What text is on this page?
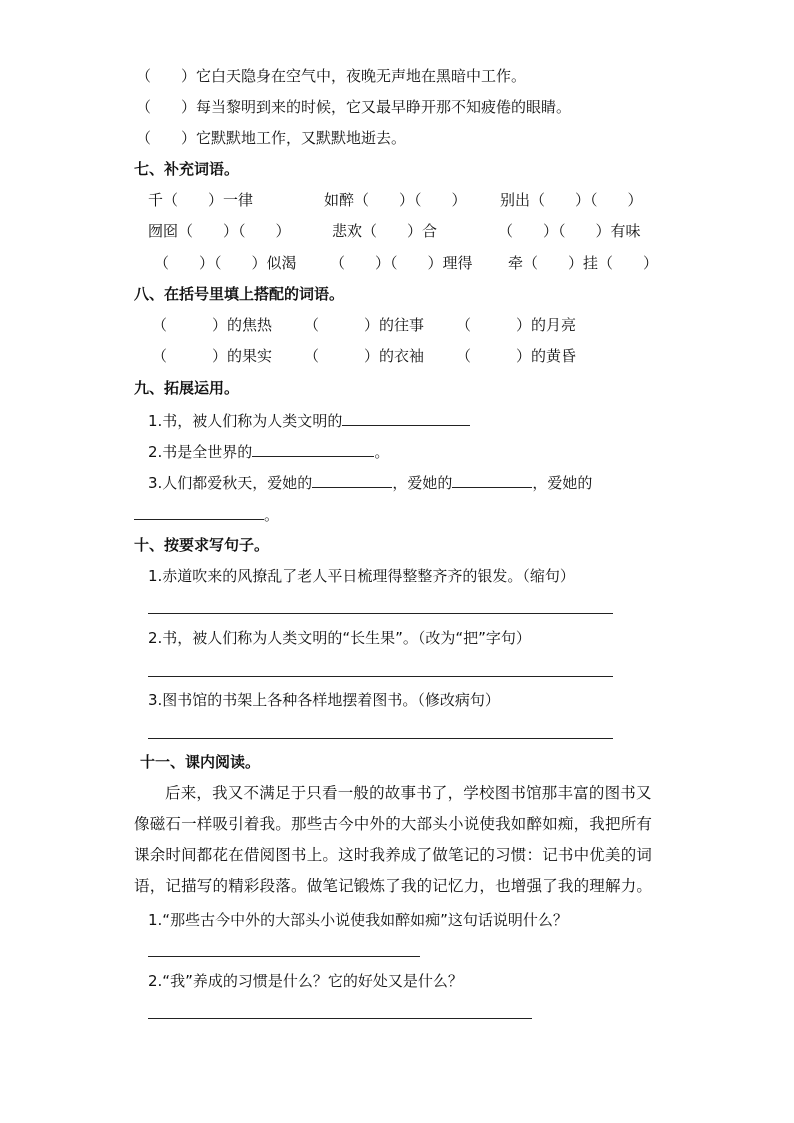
（　　）它白天隐身在空气中，夜晚无声地在黑暗中工作。
（　　）每当黎明到来的时候，它又最早睁开那不知疲倦的眼睛。
（　　）它默默地工作，又默默地逝去。
七、补充词语。
千（　　）一律	如醉（　　）（　　） 别出（　　）（　　）
囫囵（　　）（　　）	悲欢（　　）合	（　　）（　　）有味
（　　）（　　）似渴 （　　）（　　）理得 牵（　　）挂（　　）
八、在括号里填上搭配的词语。
（　　　）的焦热 （　　　）的往事 （　　　）的月亮
（　　　）的果实 （　　　）的衣袖 （　　　）的黄昏
九、拓展运用。
1.书，被人们称为人类文明的
2.书是全世界的	。
3.人们都爱秋天，爱她的	，爱她的	，爱她的
。
十、按要求写句子。
1.赤道吹来的风撩乱了老人平日梳理得整整齐齐的银发。（缩句）
2.书，被人们称为人类文明的“长生果”。（改为“把”字句）
3.图书馆的书架上各种各样地摆着图书。（修改病句）
十一、课内阅读。
后来，我又不满足于只看一般的故事书了，学校图书馆那丰富的图书又像磁石一样吸引着我。那些古今中外的大部头小说使我如醉如痴，我把所有课余时间都花在借阅图书上。这时我养成了做笔记的习惯：记书中优美的词语，记描写的精彩段落。做笔记锻炼了我的记忆力，也增强了我的理解力。
1.“那些古今中外的大部头小说使我如醉如痴”这句话说明什么？
2.“我”养成的习惯是什么？它的好处又是什么？
